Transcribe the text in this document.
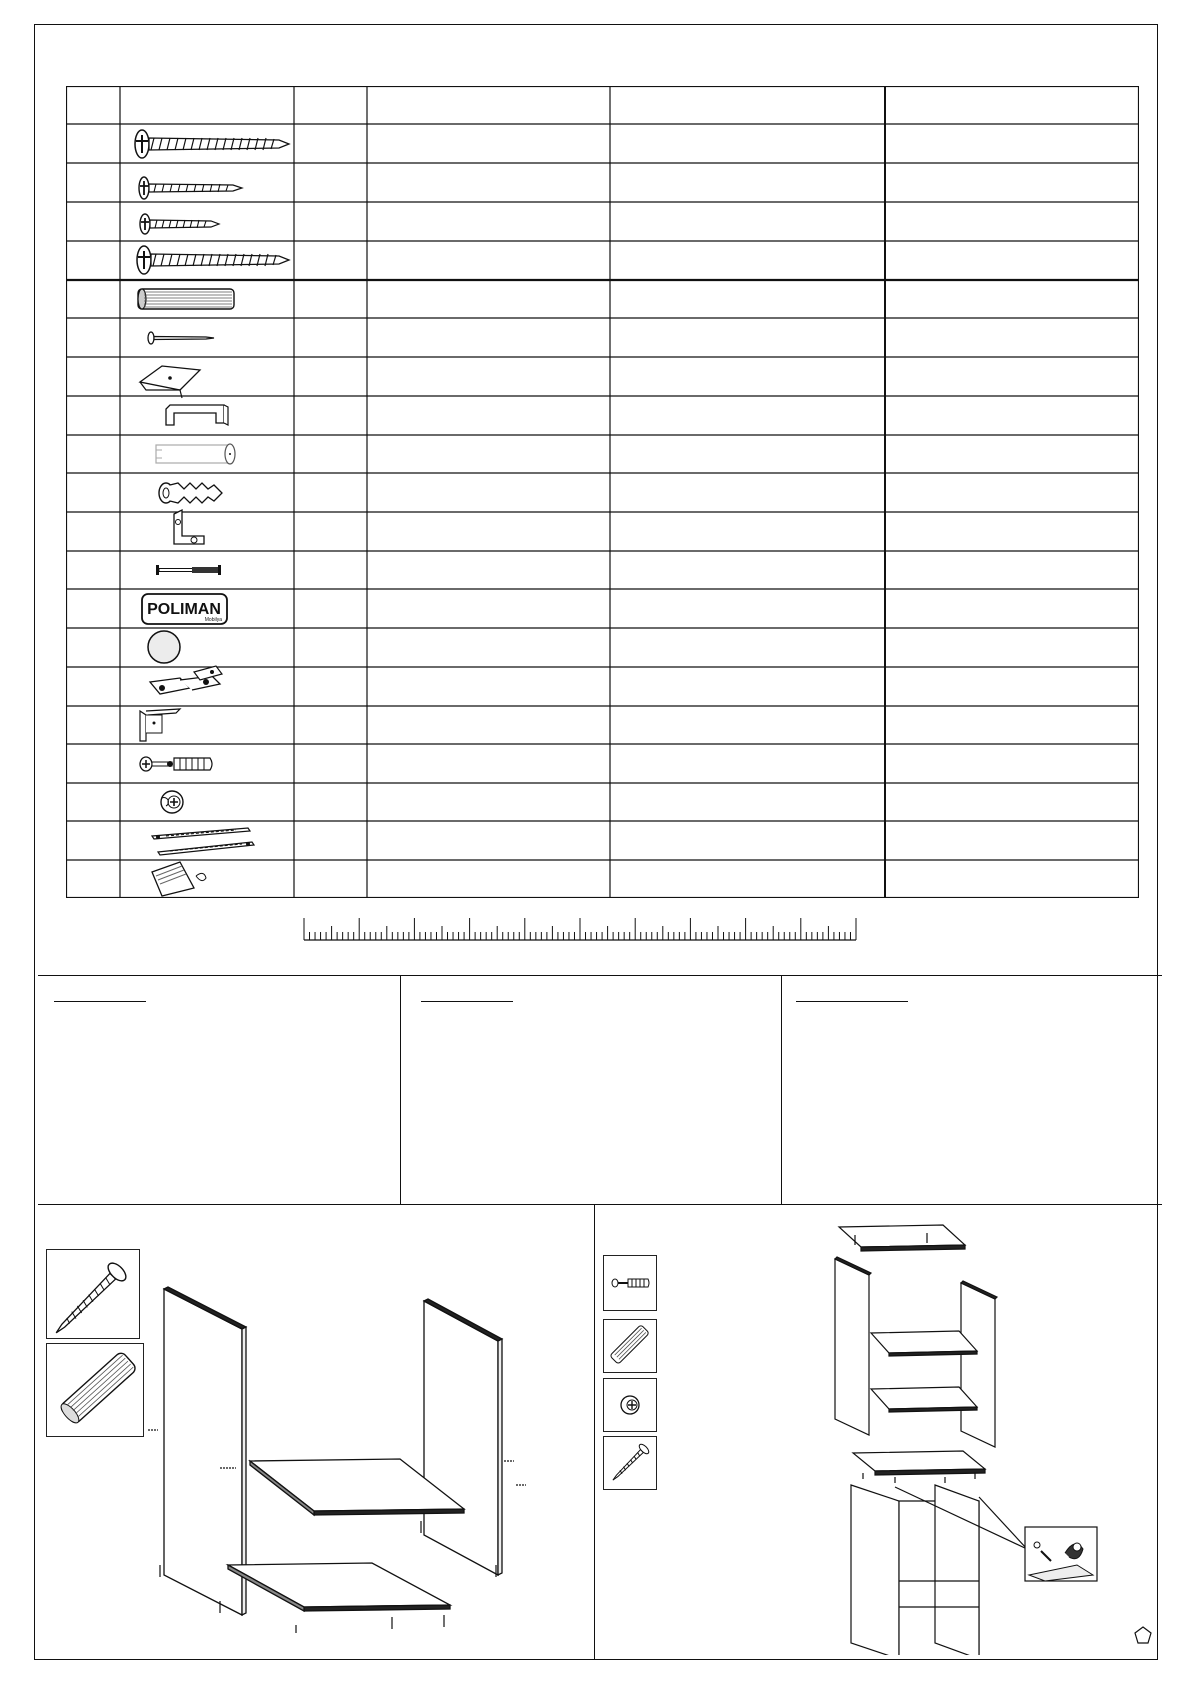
POLIMAN
Mobilya
